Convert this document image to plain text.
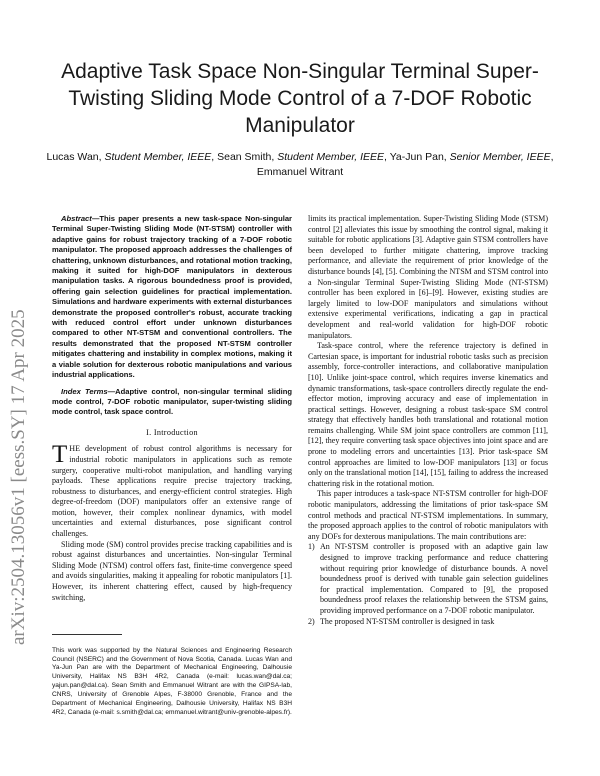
Adaptive Task Space Non-Singular Terminal Super-Twisting Sliding Mode Control of a 7-DOF Robotic Manipulator

Lucas Wan, Student Member, IEEE, Sean Smith, Student Member, IEEE, Ya-Jun Pan, Senior Member, IEEE, Emmanuel Witrant

arXiv:2504.13056v1 [eess.SY] 17 Apr 2025

Abstract—This paper presents a new task-space Non-singular Terminal Super-Twisting Sliding Mode (NT-STSM) controller with adaptive gains for robust trajectory tracking of a 7-DOF robotic manipulator. The proposed approach addresses the challenges of chattering, unknown disturbances, and rotational motion tracking, making it suited for high-DOF manipulators in dexterous manipulation tasks. A rigorous boundedness proof is provided, offering gain selection guidelines for practical implementation. Simulations and hardware experiments with external disturbances demonstrate the proposed controller's robust, accurate tracking with reduced control effort under unknown disturbances compared to other NT-STSM and conventional controllers. The results demonstrated that the proposed NT-STSM controller mitigates chattering and instability in complex motions, making it a viable solution for dexterous robotic manipulations and various industrial applications.

Index Terms—Adaptive control, non-singular terminal sliding mode control, 7-DOF robotic manipulator, super-twisting sliding mode control, task space control.

I. Introduction

THE development of robust control algorithms is necessary for industrial robotic manipulators in applications such as remote surgery, cooperative multi-robot manipulation, and handling varying payloads. These applications require precise trajectory tracking, robustness to disturbances, and energy-efficient control strategies. High degree-of-freedom (DOF) manipulators offer an extensive range of motion, however, their complex nonlinear dynamics, with model uncertainties and external disturbances, pose significant control challenges.

Sliding mode (SM) control provides precise tracking capabilities and is robust against disturbances and uncertainties. Non-singular Terminal Sliding Mode (NTSM) control offers fast, finite-time convergence speed and avoids singularities, making it appealing for robotic manipulators [1]. However, its inherent chattering effect, caused by high-frequency switching,

This work was supported by the Natural Sciences and Engineering Research Council (NSERC) and the Government of Nova Scotia, Canada. Lucas Wan and Ya-Jun Pan are with the Department of Mechanical Engineering, Dalhousie University, Halifax NS B3H 4R2, Canada (e-mail: lucas.wan@dal.ca; yajun.pan@dal.ca). Sean Smith and Emmanuel Witrant are with the GIPSA-lab, CNRS, University of Grenoble Alpes, F-38000 Grenoble, France and the Department of Mechanical Engineering, Dalhousie University, Halifax NS B3H 4R2, Canada (e-mail: s.smith@dal.ca; emmanuel.witrant@univ-grenoble-alpes.fr).

limits its practical implementation. Super-Twisting Sliding Mode (STSM) control [2] alleviates this issue by smoothing the control signal, making it suitable for robotic applications [3]. Adaptive gain STSM controllers have been developed to further mitigate chattering, improve tracking performance, and alleviate the requirement of prior knowledge of the disturbance bounds [4], [5]. Combining the NTSM and STSM control into a Non-singular Terminal Super-Twisting Sliding Mode (NT-STSM) controller has been explored in [6]–[9]. However, existing studies are largely limited to low-DOF manipulators and simulations without extensive experimental verifications, indicating a gap in practical development and real-world validation for high-DOF robotic manipulators.

Task-space control, where the reference trajectory is defined in Cartesian space, is important for industrial robotic tasks such as precision assembly, force-controller interactions, and collaborative manipulation [10]. Unlike joint-space control, which requires inverse kinematics and dynamic transformations, task-space controllers directly regulate the end-effector motion, improving accuracy and ease of implementation in practical settings. However, designing a robust task-space SM control strategy that effectively handles both translational and rotational motion remains challenging. While SM joint space controllers are common [11], [12], they require converting task space objectives into joint space and are prone to modeling errors and uncertainties [13]. Prior task-space SM control approaches are limited to low-DOF manipulators [13] or focus only on the translational motion [14], [15], failing to address the increased chattering risk in the rotational motion.

This paper introduces a task-space NT-STSM controller for high-DOF robotic manipulators, addressing the limitations of prior task-space SM control methods and practical NT-STSM implementations. In summary, the proposed approach applies to the control of robotic manipulators with any DOFs for dexterous manipulations. The main contributions are:

1) An NT-STSM controller is proposed with an adaptive gain law designed to improve tracking performance and reduce chattering without requiring prior knowledge of disturbance bounds. A novel boundedness proof is derived with tunable gain selection guidelines for practical implementation. Compared to [9], the proposed boundedness proof relaxes the relationship between the STSM gains, providing improved performance on a 7-DOF robotic manipulator.
2) The proposed NT-STSM controller is designed in task
